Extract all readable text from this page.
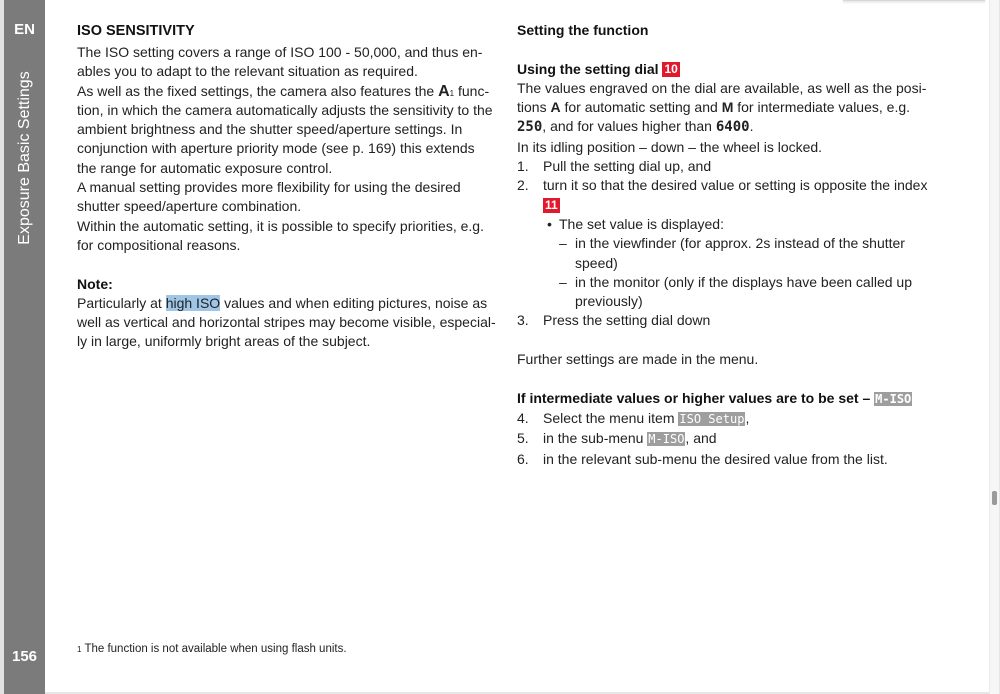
EN
Exposure Basic Settings
156
ISO SENSITIVITY

The ISO setting covers a range of ISO 100 - 50,000, and thus en-ables you to adapt to the relevant situation as required.

As well as the fixed settings, the camera also features the $A^1$ func-tion, in which the camera automatically adjusts the sensitivity to the ambient brightness and the shutter speed/aperture settings. In conjunction with aperture priority mode (see p. 169) this extends the range for automatic exposure control.

A manual setting provides more flexibility for using the desired shutter speed/aperture combination.

Within the automatic setting, it is possible to specify priorities, e.g. for compositional reasons.

Note:

Particularly at high ISO values and when editing pictures, noise as well as vertical and horizontal stripes may become visible, especial-ly in large, uniformly bright areas of the subject.

Setting the function

Using the setting dial 10

The values engraved on the dial are available, as well as the posi-tions A for automatic setting and M for intermediate values, e.g. 250, and for values higher than 6400.

In its idling position – down – the wheel is locked.

1. Pull the setting dial up, and
2. turn it so that the desired value or setting is opposite the index
11
• The set value is displayed:
– in the viewfinder (for approx. 2s instead of the shutter speed)
– in the monitor (only if the displays have been called up previously)
3. Press the setting dial down

Further settings are made in the menu.

If intermediate values or higher values are to be set – M-ISO

4. Select the menu item ISO Setup,
5. in the sub-menu M-ISO, and
6. in the relevant sub-menu the desired value from the list.
$^1$ The function is not available when using flash units.
